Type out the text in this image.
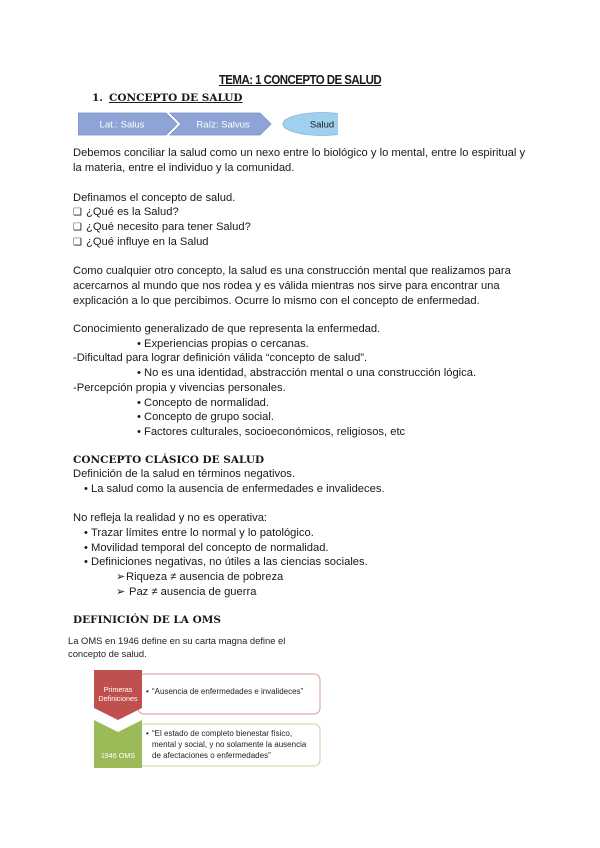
TEMA: 1 CONCEPTO DE SALUD
1. CONCEPTO DE SALUD
Lat.: Salus	Raíz: Salvus	Salud
Debemos conciliar la salud como un nexo entre lo biológico y lo mental, entre lo espiritual y
la materia, entre el individuo y la comunidad.
Definamos el concepto de salud.
❑ ¿Qué es la Salud?
❑ ¿Qué necesito para tener Salud?
❑ ¿Qué influye en la Salud
Como cualquier otro concepto, la salud es una construcción mental que realizamos para
acercarnos al mundo que nos rodea y es válida mientras nos sirve para encontrar una
explicación a lo que percibimos. Ocurre lo mismo con el concepto de enfermedad.
Conocimiento generalizado de que representa la enfermedad.
• Experiencias propias o cercanas.
-Dificultad para lograr definición válida “concepto de salud”.
• No es una identidad, abstracción mental o una construcción lógica.
-Percepción propia y vivencias personales.
• Concepto de normalidad.
• Concepto de grupo social.
• Factores culturales, socioeconómicos, religiosos, etc
CONCEPTO CLÁSICO DE SALUD
Definición de la salud en términos negativos.
• La salud como la ausencia de enfermedades e invalideces.
No refleja la realidad y no es operativa:
• Trazar límites entre lo normal y lo patológico.
• Movilidad temporal del concepto de normalidad.
• Definiciones negativas, no útiles a las ciencias sociales.
➢Riqueza ≠ ausencia de pobreza
➢ Paz ≠ ausencia de guerra
DEFINICIÓN DE LA OMS
La OMS en 1946 define en su carta magna define el
concepto de salud.
Primeras
Definiciones
• “Ausencia de enfermedades e invalideces”
1946 OMS
• “El estado de completo bienestar físico,
mental y social, y no solamente la ausencia
de afectaciones o enfermedades”
